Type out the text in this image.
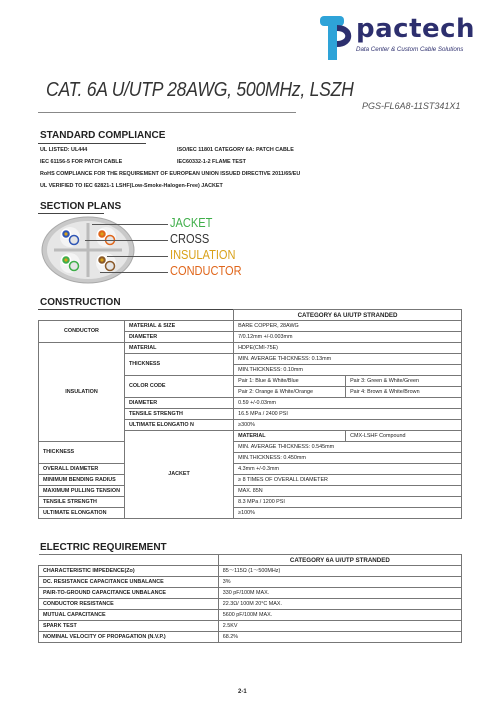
pactech
Data Center & Custom Cable Solutions
CAT. 6A U/UTP 28AWG, 500MHz, LSZH
PGS-FL6A8-11ST341X1
STANDARD COMPLIANCE
UL LISTED: UL444	ISO/IEC 11801 CATEGORY 6A: PATCH CABLE
IEC 61156-5 FOR PATCH CABLE	IEC60332-1-2 FLAME TEST
RoHS COMPLIANCE FOR THE REQUIREMENT OF EUROPEAN UNION ISSUED DIRECTIVE 2011/65/EU
UL VERIFIED TO IEC 62821-1 LSHF(Low-Smoke-Halogen-Free) JACKET
SECTION PLANS
JACKET
CROSS
INSULATION
CONDUCTOR
CONSTRUCTION
		CATEGORY 6A U/UTP STRANDED	
CONDUCTOR	MATERIAL & SIZE	BARE COPPER, 28AWG	
	DIAMETER	7/0.12mm +/-0.003mm	
INSULATION	MATERIAL	HDPE(CMI-75E)	
	THICKNESS	MIN. AVERAGE THICKNESS: 0.13mm	
		MIN.THICKNESS: 0.10mm	
	COLOR CODE	Pair 1: Blue & White/Blue	Pair 3: Green & White/Green
		Pair 2: Orange & White/Orange	Pair 4: Brown & White/Brown
	DIAMETER	0.59 +/-0.03mm	
	TENSILE STRENGTH	16.5 MPa / 2400 PSI	
	ULTIMATE ELONGATIO N	≥300%	
	JACKET	MATERIAL	CMX-LSHF Compound
THICKNESS		MIN. AVERAGE THICKNESS: 0.545mm	
		MIN.THICKNESS: 0.450mm	
OVERALL DIAMETER		4.3mm +/-0.3mm	
MINIMUM BENDING RADIUS		≥ 8 TIMES OF OVERALL DIAMETER	
MAXIMUM PULLING TENSION		MAX. 85N	
TENSILE STRENGTH		8.3 MPa / 1200 PSI	
ULTIMATE ELONGATION		≥100%	
ELECTRIC REQUIREMENT
	CATEGORY 6A U/UTP STRANDED
CHARACTERISTIC IMPEDENCE(Zo)	85～115Ω (1～500MHz)
DC. RESISTANCE CAPACITANCE UNBALANCE	3%
PAIR-TO-GROUND CAPACITANCE UNBALANCE	330 pF/100M MAX.
CONDUCTOR RESISTANCE	22.3Ω/ 100M 20°C MAX.
MUTUAL CAPACITANCE	5600 pF/100M MAX.
SPARK TEST	2.5KV
NOMINAL VELOCITY OF PROPAGATION (N.V.P.)	68.2%
2-1
